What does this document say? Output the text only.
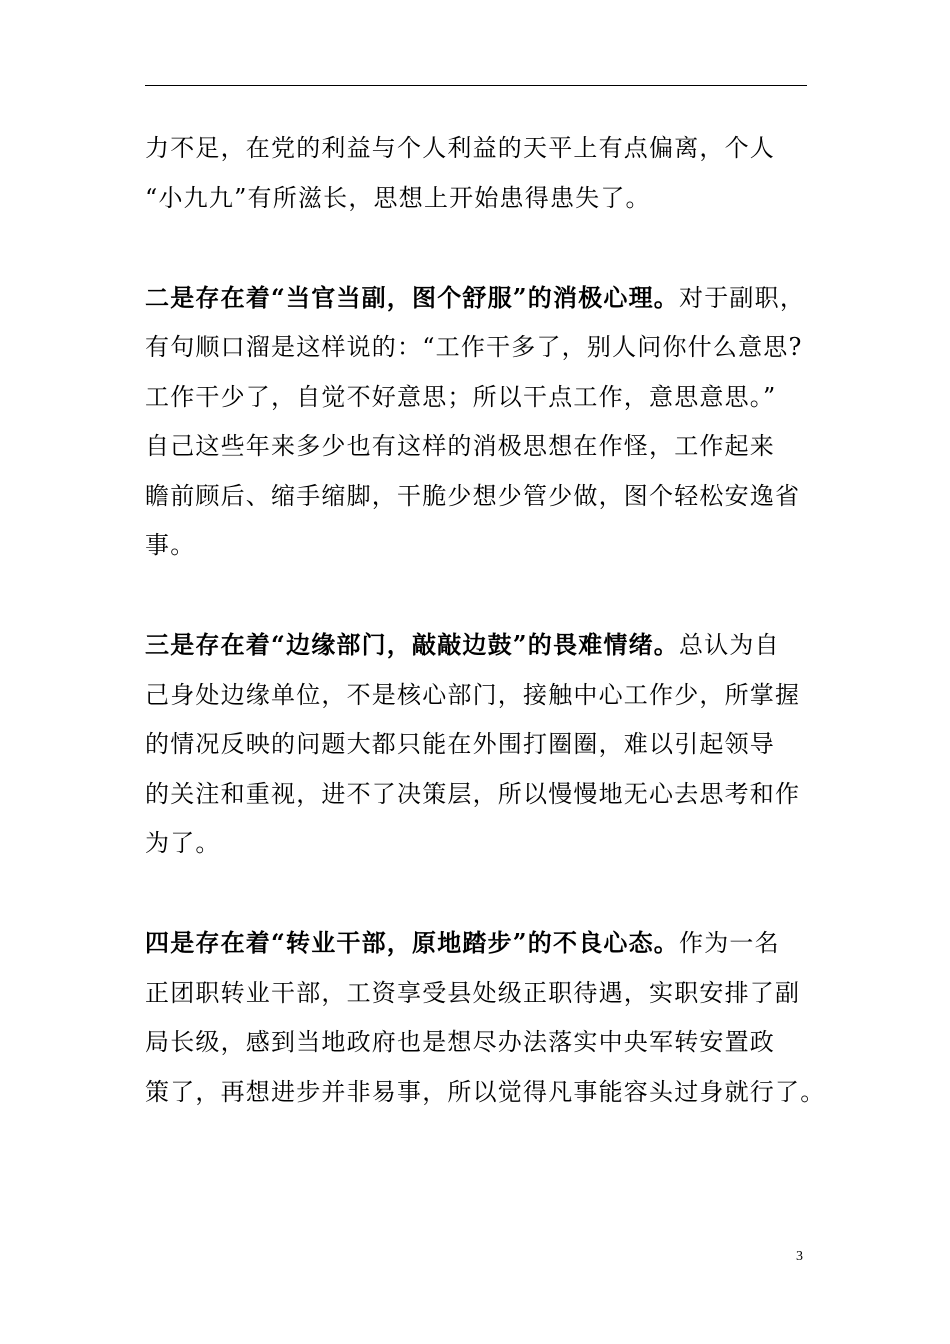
力不足，在党的利益与个人利益的天平上有点偏离，个人
“小九九”有所滋长，思想上开始患得患失了。

二是存在着“当官当副，图个舒服”的消极心理。对于副职，
有句顺口溜是这样说的：“工作干多了，别人问你什么意思?
工作干少了，自觉不好意思；所以干点工作，意思意思。”
自己这些年来多少也有这样的消极思想在作怪，工作起来
瞻前顾后、缩手缩脚，干脆少想少管少做，图个轻松安逸省
事。

三是存在着“边缘部门，敲敲边鼓”的畏难情绪。总认为自
己身处边缘单位，不是核心部门，接触中心工作少，所掌握
的情况反映的问题大都只能在外围打圈圈，难以引起领导
的关注和重视，进不了决策层，所以慢慢地无心去思考和作
为了。

四是存在着“转业干部，原地踏步”的不良心态。作为一名
正团职转业干部，工资享受县处级正职待遇，实职安排了副
局长级，感到当地政府也是想尽办法落实中央军转安置政
策了，再想进步并非易事，所以觉得凡事能容头过身就行了。

3
